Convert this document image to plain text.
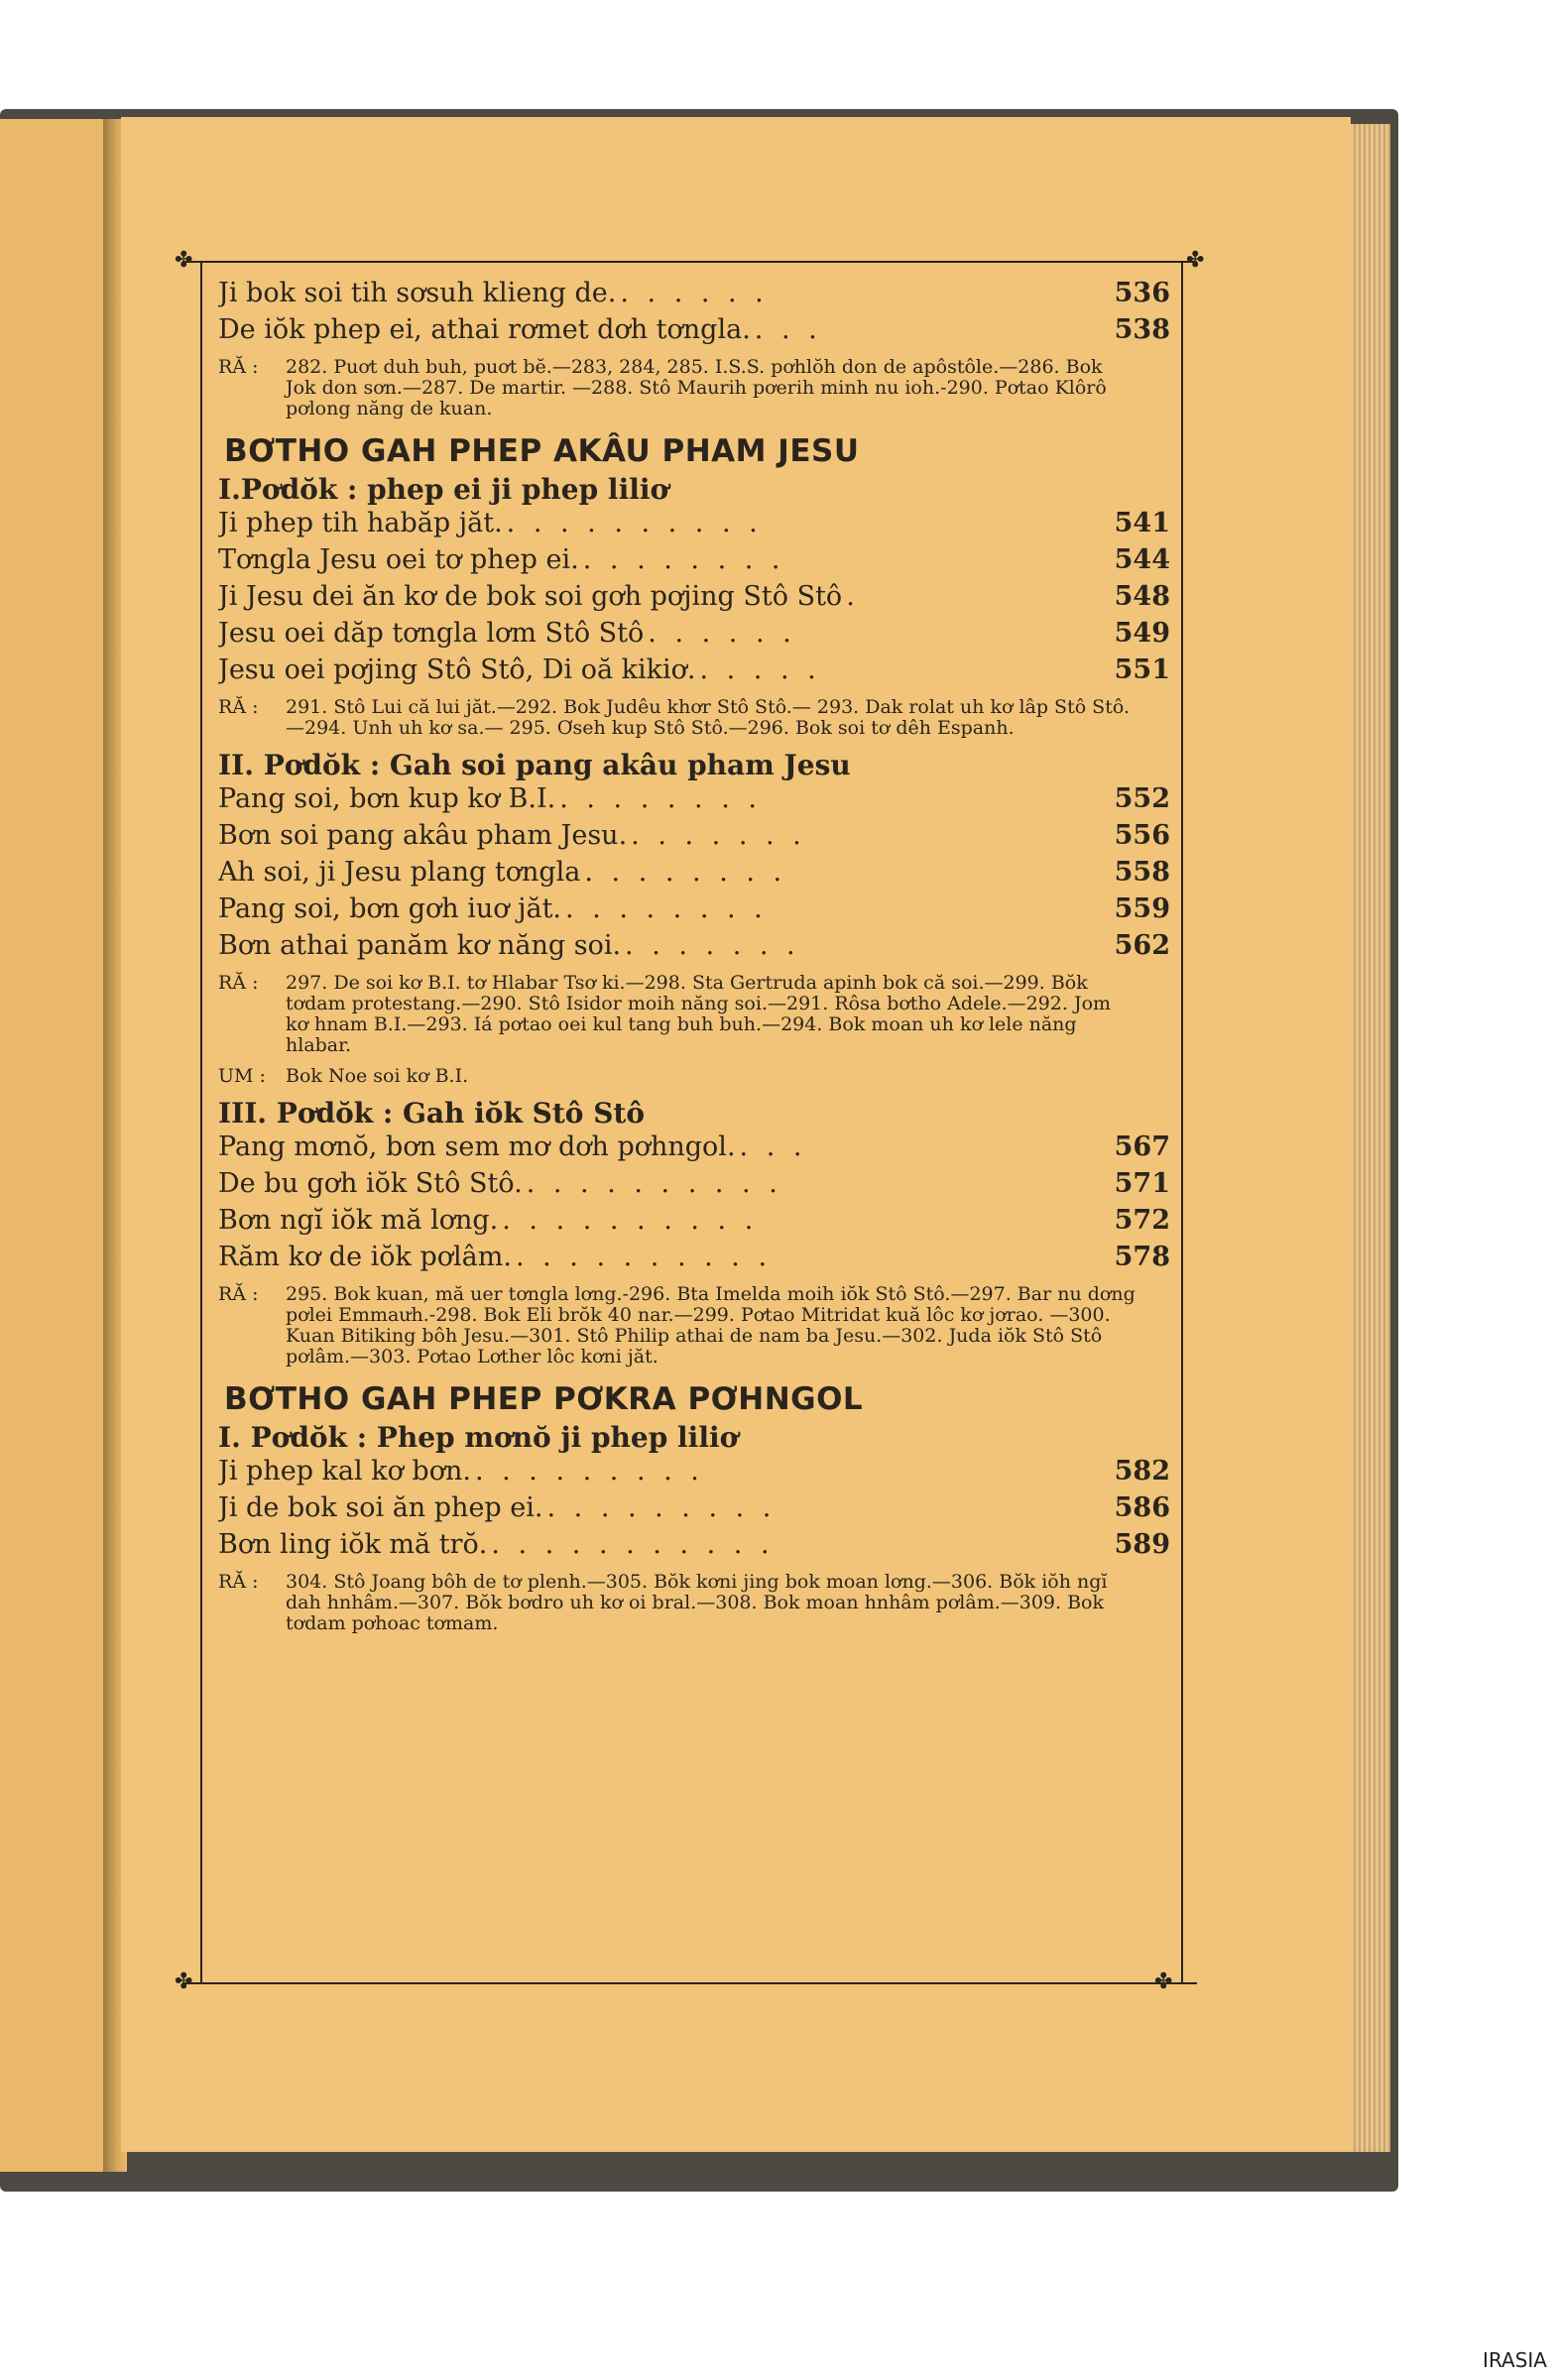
✤	✤
✤	✤
Ji bok soi tih sơsuh klieng de. . . . . . .	536
De iŏk phep ei, athai rơmet dơh tơngla. . . .	538
RĂ :	282. Puơt duh buh, puơt bĕ.—283, 284, 285. I.S.S. pơhlŏh don de apôstôle.—286. Bok Jok don sơn.—287. De martir. —288. Stô Maurih pơerih minh nu ioh.-290. Pơtao Klôrô pơlong năng de kuan.
BƠTHO GAH PHEP AKÂU PHAM JESU
I.Pơdŏk : phep ei ji phep liliơ
Ji phep tih habăp jăt. . . . . . . . . . .	541
Tơngla Jesu oei tơ phep ei. . . . . . . . .	544
Ji Jesu dei ăn kơ de bok soi gơh pơjing Stô Stô .	548
Jesu oei dăp tơngla lơm Stô Stô . . . . . .	549
Jesu oei pơjing Stô Stô, Di oă kikiơ. . . . . .	551
RĂ :	291. Stô Lui că lui jăt.—292. Bok Judêu khơr Stô Stô.— 293. Dak rolat uh kơ lâp Stô Stô.—294. Unh uh kơ sa.— 295. Ơseh kup Stô Stô.—296. Bok soi tơ dêh Espanh.
II. Pơdŏk : Gah soi pang akâu pham Jesu
Pang soi, bơn kup kơ B.I. . . . . . . . .	552
Bơn soi pang akâu pham Jesu. . . . . . . .	556
Ah soi, ji Jesu plang tơngla . . . . . . . .	558
Pang soi, bơn gơh iuơ jăt. . . . . . . . .	559
Bơn athai panăm kơ năng soi. . . . . . . .	562
RĂ :	297. De soi kơ B.I. tơ Hlabar Tsơ ki.—298. Sta Gertruda apinh bok că soi.—299. Bŏk tơdam protestang.—290. Stô Isidor moih năng soi.—291. Rôsa bơtho Adele.—292. Jom kơ hnam B.I.—293. Iá pơtao oei kul tang buh buh.—294. Bok moan uh kơ lele năng hlabar.
UM :	Bok Noe soi kơ B.I.
III. Pơdŏk : Gah iŏk Stô Stô
Pang mơnŏ, bơn sem mơ dơh pơhngol. . . .	567
De bu gơh iŏk Stô Stô. . . . . . . . . . .	571
Bơn ngĭ iŏk mă lơng. . . . . . . . . . .	572
Răm kơ de iŏk pơlâm. . . . . . . . . . .	578
RĂ :	295. Bok kuan, mă uer tơngla lơng.-296. Bta Imelda moih iŏk Stô Stô.—297. Bar nu dơng pơlei Emmaưh.-298. Bok Eli brŏk 40 nar.—299. Pơtao Mitridat kuă lôc kơ jơrao. —300. Kuan Bitiking bôh Jesu.—301. Stô Philip athai de nam ba Jesu.—302. Juda iŏk Stô Stô pơlâm.—303. Pơtao Lơther lôc kơni jăt.
BƠTHO GAH PHEP PƠKRA PƠHNGOL
I. Pơdŏk : Phep mơnŏ ji phep liliơ
Ji phep kal kơ bơn. . . . . . . . . .	582
Ji de bok soi ăn phep ei. . . . . . . . . .	586
Bơn ling iŏk mă trŏ. . . . . . . . . . . .	589
RĂ :	304. Stô Joang bôh de tơ plenh.—305. Bŏk kơni jing bok moan lơng.—306. Bŏk iŏh ngĭ dah hnhâm.—307. Bŏk bơdro uh kơ oi bral.—308. Bok moan hnhâm pơlâm.—309. Bok tơdam pơhoac tơmam.
IRASIA
